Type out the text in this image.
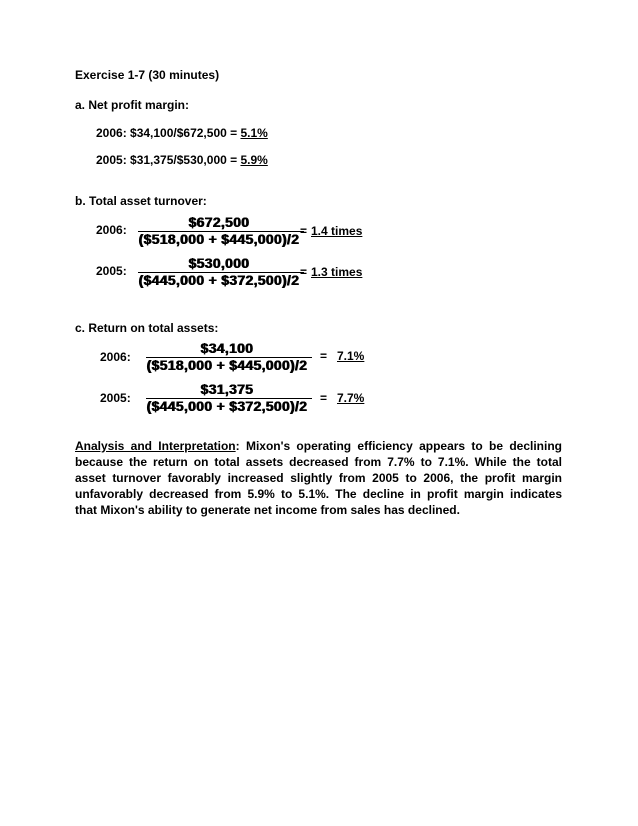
Exercise 1-7 (30 minutes)
a. Net profit margin:
2006: $34,100/$672,500 = 5.1%
2005: $31,375/$530,000 = 5.9%
b. Total asset turnover:
2006:	$672,500
($518,000 + $445,000)/2 = 1.4 times
2005:	$530,000
($445,000 + $372,500)/2 = 1.3 times
c. Return on total assets:
2006:
$34,100
($518,000 + $445,000)/2
= 7.1%
2005:
$31,375
($445,000 + $372,500)/2	= 7.7%
Analysis and Interpretation: Mixon's operating efficiency appears to be declining
because the return on total assets decreased from 7.7% to 7.1%. While the total
asset turnover favorably increased slightly from 2005 to 2006, the profit margin
unfavorably decreased from 5.9% to 5.1%. The decline in profit margin indicates
that Mixon's ability to generate net income from sales has declined.
